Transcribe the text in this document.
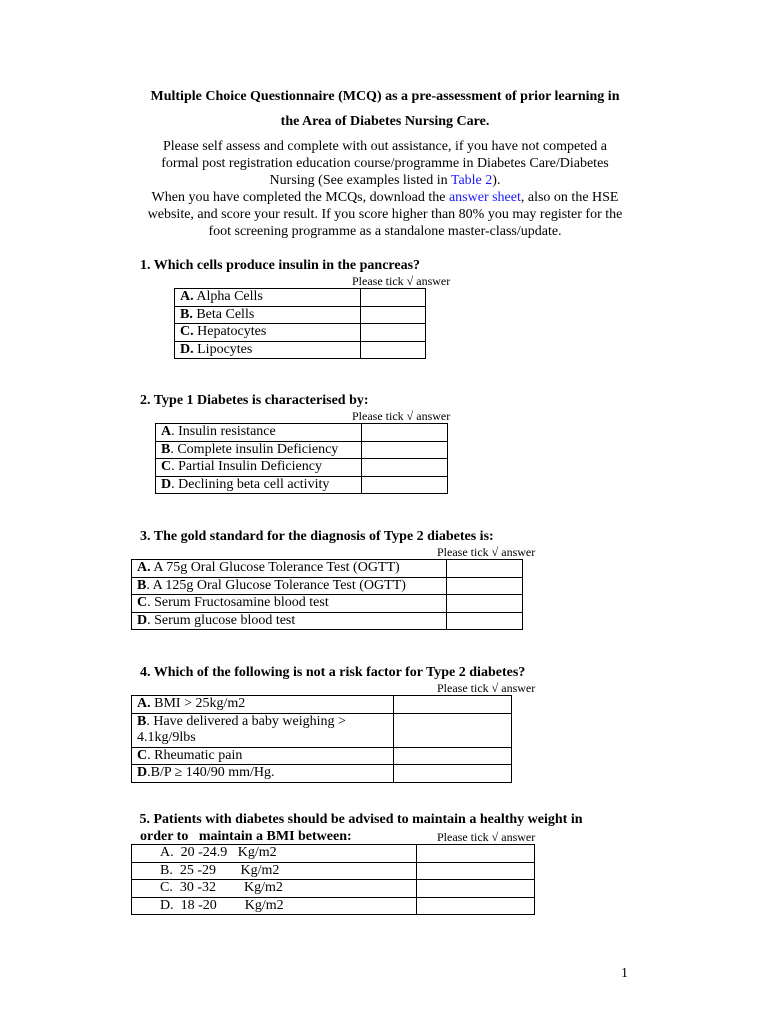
Multiple Choice Questionnaire (MCQ) as a pre-assessment of prior learning in
the Area of Diabetes Nursing Care.
Please self assess and complete with out assistance, if you have not competed a
formal post registration education course/programme in Diabetes Care/Diabetes
Nursing (See examples listed in Table 2).
When you have completed the MCQs, download the answer sheet, also on the HSE
website, and score your result. If you score higher than 80% you may register for the
foot screening programme as a standalone master-class/update.
1. Which cells produce insulin in the pancreas?
Please tick √ answer
A. Alpha Cells	
B. Beta Cells	
C. Hepatocytes	
D. Lipocytes	
2. Type 1 Diabetes is characterised by:
Please tick √ answer
A. Insulin resistance	
B. Complete insulin Deficiency	
C. Partial Insulin Deficiency	
D. Declining beta cell activity	
3. The gold standard for the diagnosis of Type 2 diabetes is:
Please tick √ answer
A. A 75g Oral Glucose Tolerance Test (OGTT)	
B. A 125g Oral Glucose Tolerance Test (OGTT)	
C. Serum Fructosamine blood test	
D. Serum glucose blood test	
4. Which of the following is not a risk factor for Type 2 diabetes?
Please tick √ answer
A. BMI > 25kg/m2	
B. Have delivered a baby weighing >
4.1kg/9lbs	
C. Rheumatic pain	
D.B/P ≥ 140/90 mm/Hg.	
5. Patients with diabetes should be advised to maintain a healthy weight in
order to   maintain a BMI between:	Please tick √ answer
A.  20 -24.9   Kg/m2	
B.  25 -29       Kg/m2	
C.  30 -32        Kg/m2	
D.  18 -20        Kg/m2	
1
